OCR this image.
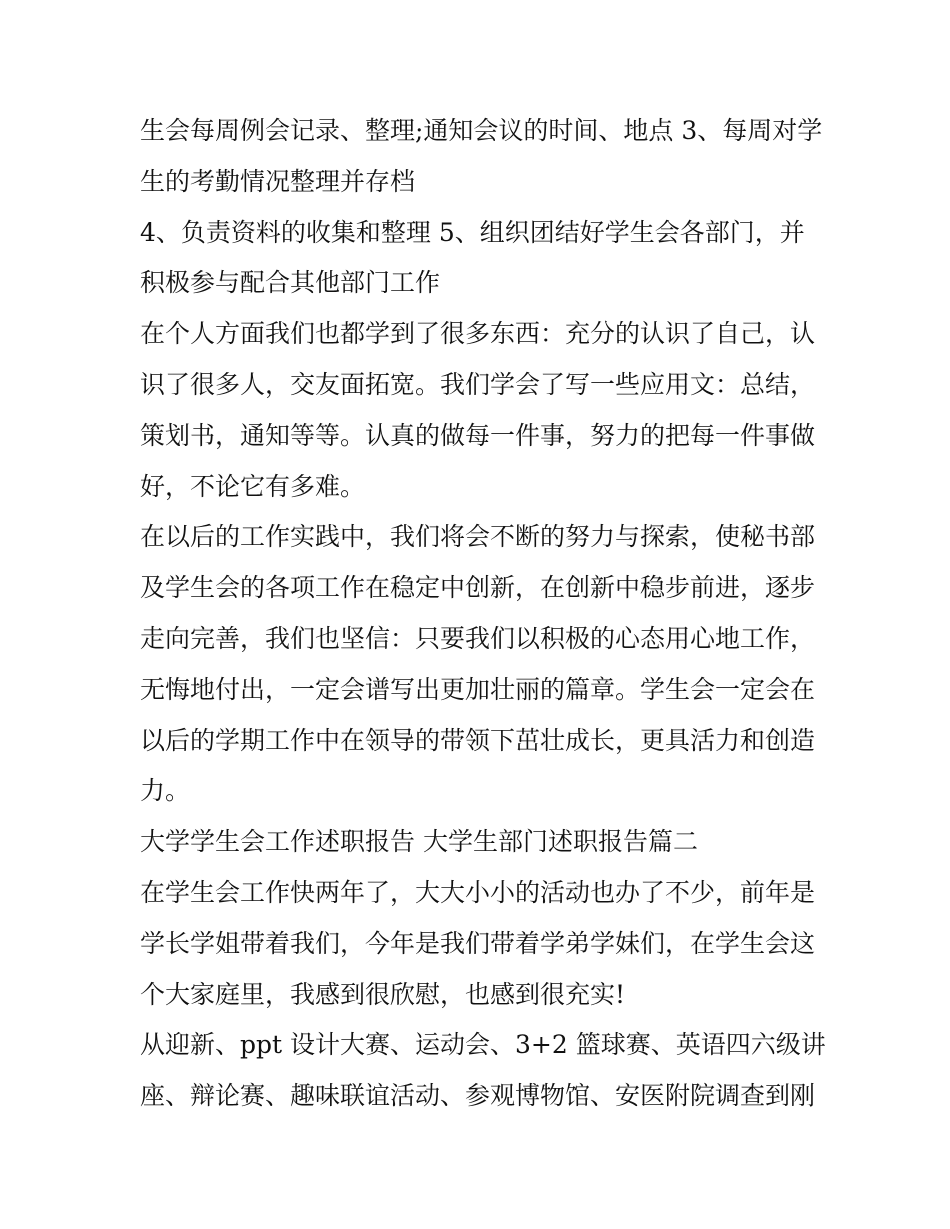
生会每周例会记录、整理;通知会议的时间、地点 3、每周对学
生的考勤情况整理并存档
4、负责资料的收集和整理 5、组织团结好学生会各部门，并
积极参与配合其他部门工作
在个人方面我们也都学到了很多东西：充分的认识了自己，认
识了很多人，交友面拓宽。我们学会了写一些应用文：总结，
策划书，通知等等。认真的做每一件事，努力的把每一件事做
好，不论它有多难。
在以后的工作实践中，我们将会不断的努力与探索，使秘书部
及学生会的各项工作在稳定中创新，在创新中稳步前进，逐步
走向完善，我们也坚信：只要我们以积极的心态用心地工作，
无悔地付出，一定会谱写出更加壮丽的篇章。学生会一定会在
以后的学期工作中在领导的带领下茁壮成长，更具活力和创造
力。
大学学生会工作述职报告 大学生部门述职报告篇二
在学生会工作快两年了，大大小小的活动也办了不少，前年是
学长学姐带着我们，今年是我们带着学弟学妹们，在学生会这
个大家庭里，我感到很欣慰，也感到很充实!
从迎新、ppt 设计大赛、运动会、3+2 篮球赛、英语四六级讲
座、辩论赛、趣味联谊活动、参观博物馆、安医附院调查到刚
